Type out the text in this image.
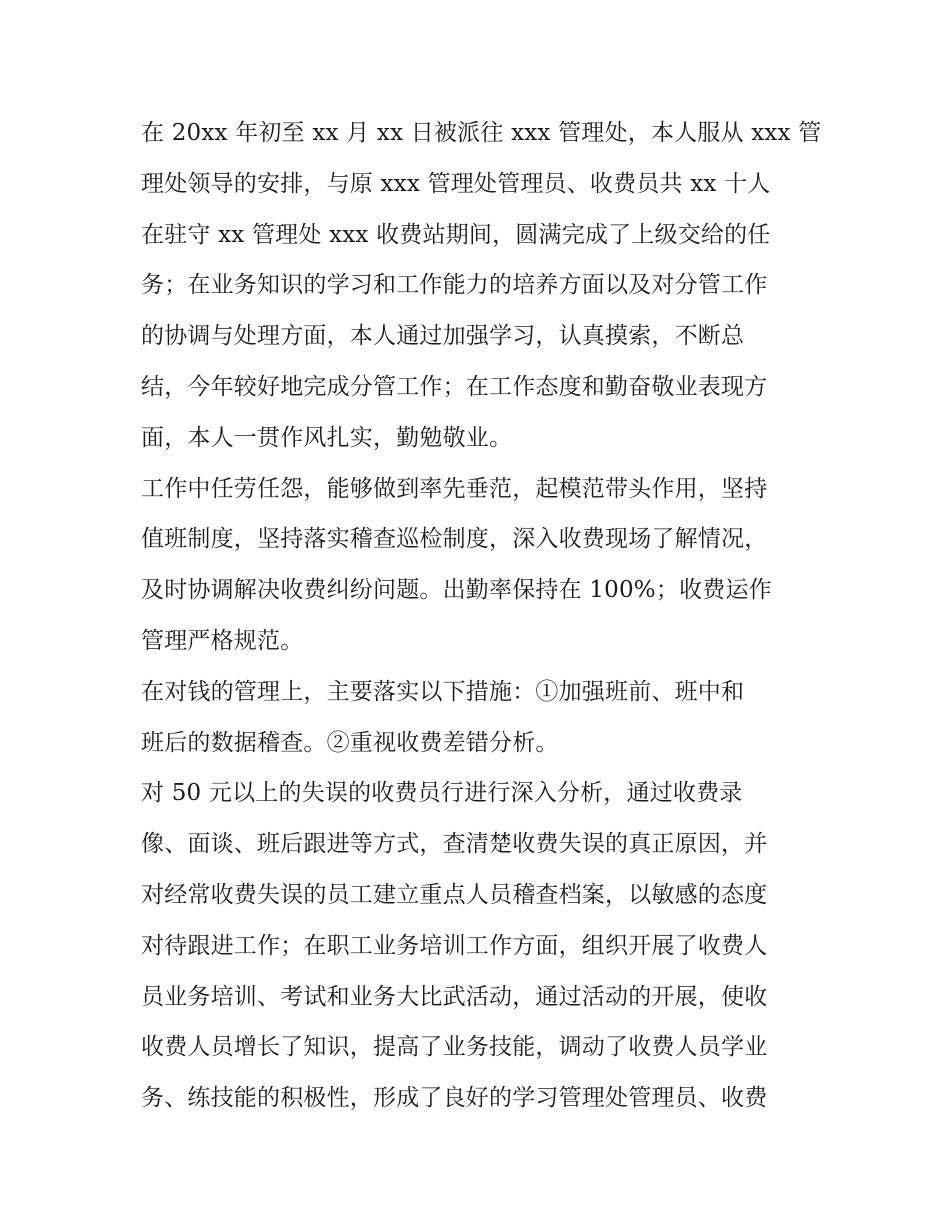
在 20xx 年初至 xx 月 xx 日被派往 xxx 管理处，本人服从 xxx 管
理处领导的安排，与原 xxx 管理处管理员、收费员共 xx 十人
在驻守 xx 管理处 xxx 收费站期间，圆满完成了上级交给的任
务；在业务知识的学习和工作能力的培养方面以及对分管工作
的协调与处理方面，本人通过加强学习，认真摸索，不断总
结，今年较好地完成分管工作；在工作态度和勤奋敬业表现方
面，本人一贯作风扎实，勤勉敬业。
工作中任劳任怨，能够做到率先垂范，起模范带头作用，坚持
值班制度，坚持落实稽查巡检制度，深入收费现场了解情况，
及时协调解决收费纠纷问题。出勤率保持在 100%；收费运作
管理严格规范。
在对钱的管理上，主要落实以下措施：①加强班前、班中和
班后的数据稽查。②重视收费差错分析。
对 50 元以上的失误的收费员行进行深入分析，通过收费录
像、面谈、班后跟进等方式，查清楚收费失误的真正原因，并
对经常收费失误的员工建立重点人员稽查档案，以敏感的态度
对待跟进工作；在职工业务培训工作方面，组织开展了收费人
员业务培训、考试和业务大比武活动，通过活动的开展，使收
收费人员增长了知识，提高了业务技能，调动了收费人员学业
务、练技能的积极性，形成了良好的学习管理处管理员、收费
